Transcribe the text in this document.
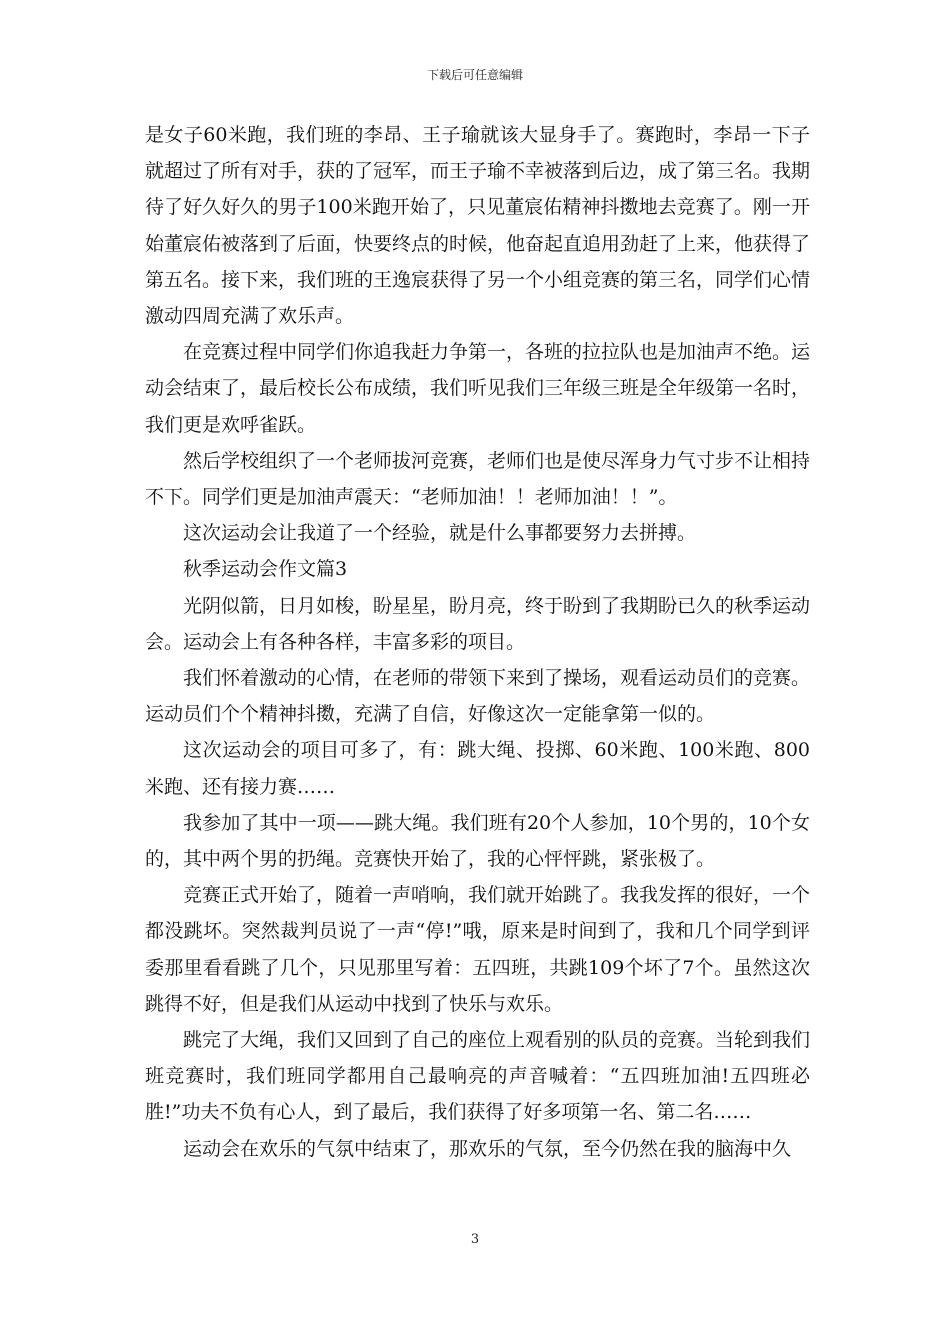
下载后可任意编辑

是女子60米跑，我们班的李昂、王子瑜就该大显身手了。赛跑时，李昂一下子就超过了所有对手，获的了冠军，而王子瑜不幸被落到后边，成了第三名。我期待了好久好久的男子100米跑开始了，只见董宸佑精神抖擞地去竞赛了。刚一开始董宸佑被落到了后面，快要终点的时候，他奋起直追用劲赶了上来，他获得了第五名。接下来，我们班的王逸宸获得了另一个小组竞赛的第三名，同学们心情激动四周充满了欢乐声。

在竞赛过程中同学们你追我赶力争第一，各班的拉拉队也是加油声不绝。运动会结束了，最后校长公布成绩，我们听见我们三年级三班是全年级第一名时，我们更是欢呼雀跃。

然后学校组织了一个老师拔河竞赛，老师们也是使尽浑身力气寸步不让相持不下。同学们更是加油声震天：“老师加油！！老师加油！！”。

这次运动会让我道了一个经验，就是什么事都要努力去拼搏。

秋季运动会作文篇3

光阴似箭，日月如梭，盼星星，盼月亮，终于盼到了我期盼已久的秋季运动会。运动会上有各种各样，丰富多彩的项目。

我们怀着激动的心情，在老师的带领下来到了操场，观看运动员们的竞赛。运动员们个个精神抖擞，充满了自信，好像这次一定能拿第一似的。

这次运动会的项目可多了，有：跳大绳、投掷、60米跑、100米跑、800米跑、还有接力赛……

我参加了其中一项——跳大绳。我们班有20个人参加，10个男的，10个女的，其中两个男的扔绳。竞赛快开始了，我的心怦怦跳，紧张极了。

竞赛正式开始了，随着一声哨响，我们就开始跳了。我我发挥的很好，一个都没跳坏。突然裁判员说了一声“停!”哦，原来是时间到了，我和几个同学到评委那里看看跳了几个，只见那里写着：五四班，共跳109个坏了7个。虽然这次跳得不好，但是我们从运动中找到了快乐与欢乐。

跳完了大绳，我们又回到了自己的座位上观看别的队员的竞赛。当轮到我们班竞赛时，我们班同学都用自己最响亮的声音喊着：“五四班加油!五四班必胜!”功夫不负有心人，到了最后，我们获得了好多项第一名、第二名……

运动会在欢乐的气氛中结束了，那欢乐的气氛，至今仍然在我的脑海中久

3
